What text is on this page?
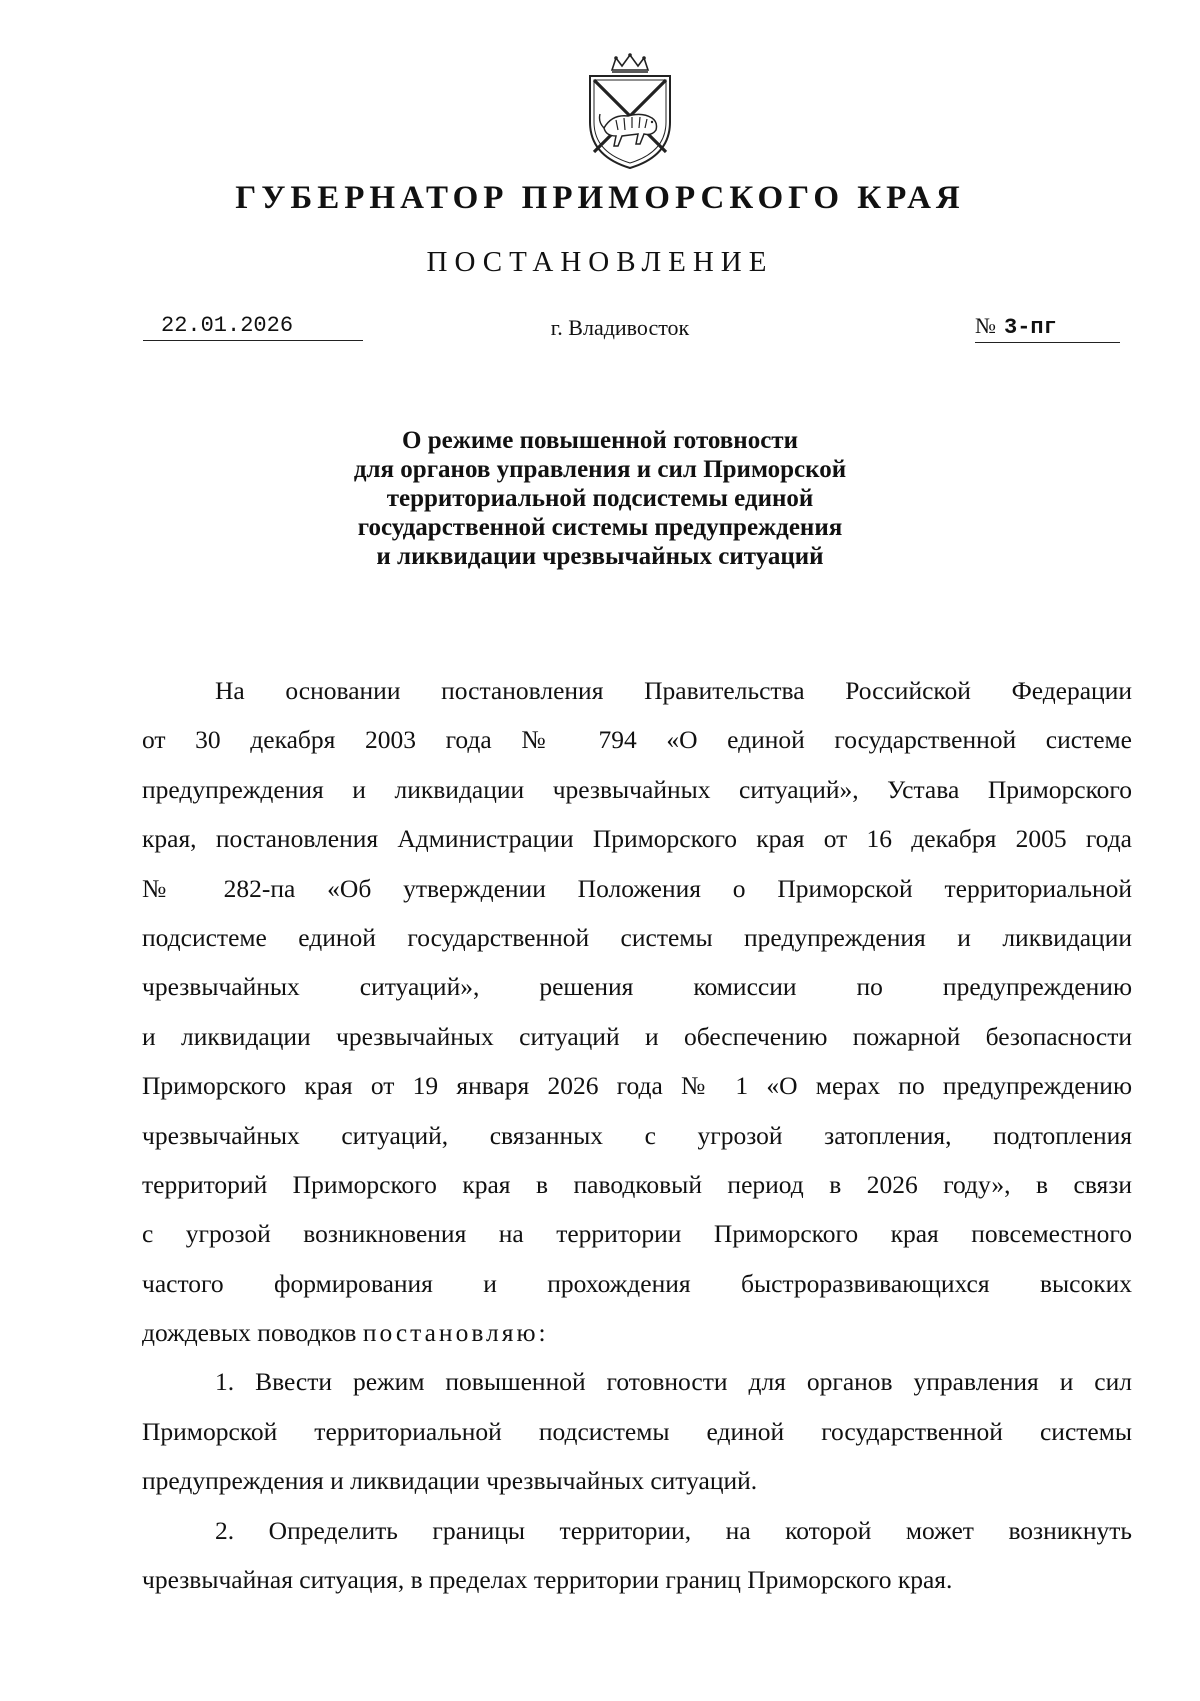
ГУБЕРНАТОР ПРИМОРСКОГО КРАЯ
ПОСТАНОВЛЕНИЕ
22.01.2026	г. Владивосток	№ 3-пг
О режиме повышенной готовности
для органов управления и сил Приморской
территориальной подсистемы единой
государственной системы предупреждения
и ликвидации чрезвычайных ситуаций
На основании постановления Правительства Российской Федерации
от 30 декабря 2003 года № 794 «О единой государственной системе
предупреждения и ликвидации чрезвычайных ситуаций», Устава Приморского
края, постановления Администрации Приморского края от 16 декабря 2005 года
№ 282-па «Об утверждении Положения о Приморской территориальной
подсистеме единой государственной системы предупреждения и ликвидации
чрезвычайных ситуаций», решения комиссии по предупреждению
и ликвидации чрезвычайных ситуаций и обеспечению пожарной безопасности
Приморского края от 19 января 2026 года № 1 «О мерах по предупреждению
чрезвычайных ситуаций, связанных с угрозой затопления, подтопления
территорий Приморского края в паводковый период в 2026 году», в связи
с угрозой возникновения на территории Приморского края повсеместного
частого формирования и прохождения быстроразвивающихся высоких
дождевых поводков постановляю:
1. Ввести режим повышенной готовности для органов управления и сил
Приморской территориальной подсистемы единой государственной системы
предупреждения и ликвидации чрезвычайных ситуаций.
2. Определить границы территории, на которой может возникнуть
чрезвычайная ситуация, в пределах территории границ Приморского края.
